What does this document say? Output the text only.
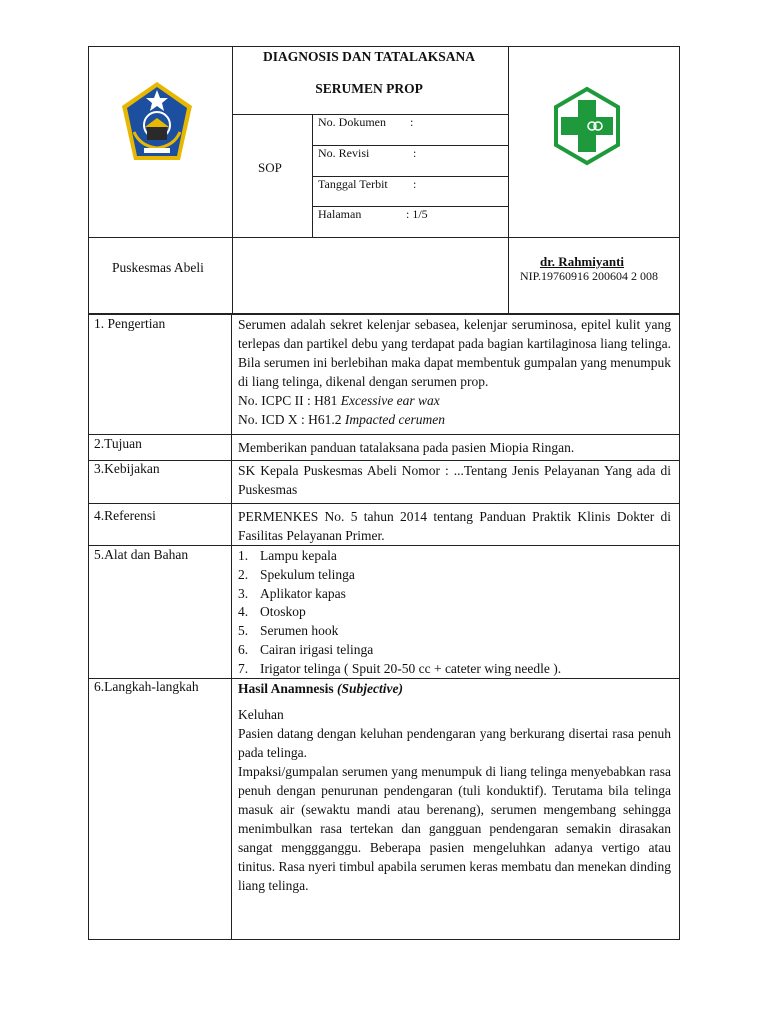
DIAGNOSIS DAN TATALAKSANA
SERUMEN PROP
SOP
No. Dokumen :
No. Revisi	:
Tanggal Terbit :
Halaman	: 1/5
Puskesmas Abeli	dr. Rahmiyanti
NIP.19760916 200604 2 008
1. Pengertian	Serumen adalah sekret kelenjar sebasea, kelenjar seruminosa, epitel kulit yang terlepas dan partikel debu yang terdapat pada bagian kartilaginosa liang telinga. Bila serumen ini berlebihan maka dapat membentuk gumpalan yang menumpuk di liang telinga, dikenal dengan serumen prop.

No. ICPC II : H81 Excessive ear wax

No. ICD X : H61.2 Impacted cerumen

2.Tujuan	Memberikan panduan tatalaksana pada pasien Miopia Ringan.
3.Kebijakan	SK Kepala Puskesmas Abeli Nomor : ...Tentang Jenis Pelayanan Yang ada di Puskesmas
4.Referensi	PERMENKES No. 5 tahun 2014 tentang Panduan Praktik Klinis Dokter di Fasilitas Pelayanan Primer.
5.Alat dan Bahan	1. Lampu kepala
2. Spekulum telinga
3. Aplikator kapas
4. Otoskop
5. Serumen hook
6. Cairan irigasi telinga
7. Irigator telinga ( Spuit 20-50 cc + cateter wing needle ).
6.Langkah-langkah	Hasil Anamnesis (Subjective)

Keluhan

Pasien datang dengan keluhan pendengaran yang berkurang disertai rasa penuh pada telinga.

Impaksi/gumpalan serumen yang menumpuk di liang telinga menyebabkan rasa penuh dengan penurunan pendengaran (tuli konduktif). Terutama bila telinga masuk air (sewaktu mandi atau berenang), serumen mengembang sehingga menimbulkan rasa tertekan dan gangguan pendengaran semakin dirasakan sangat menggganggu. Beberapa pasien mengeluhkan adanya vertigo atau tinitus. Rasa nyeri timbul apabila serumen keras membatu dan menekan dinding liang telinga.
